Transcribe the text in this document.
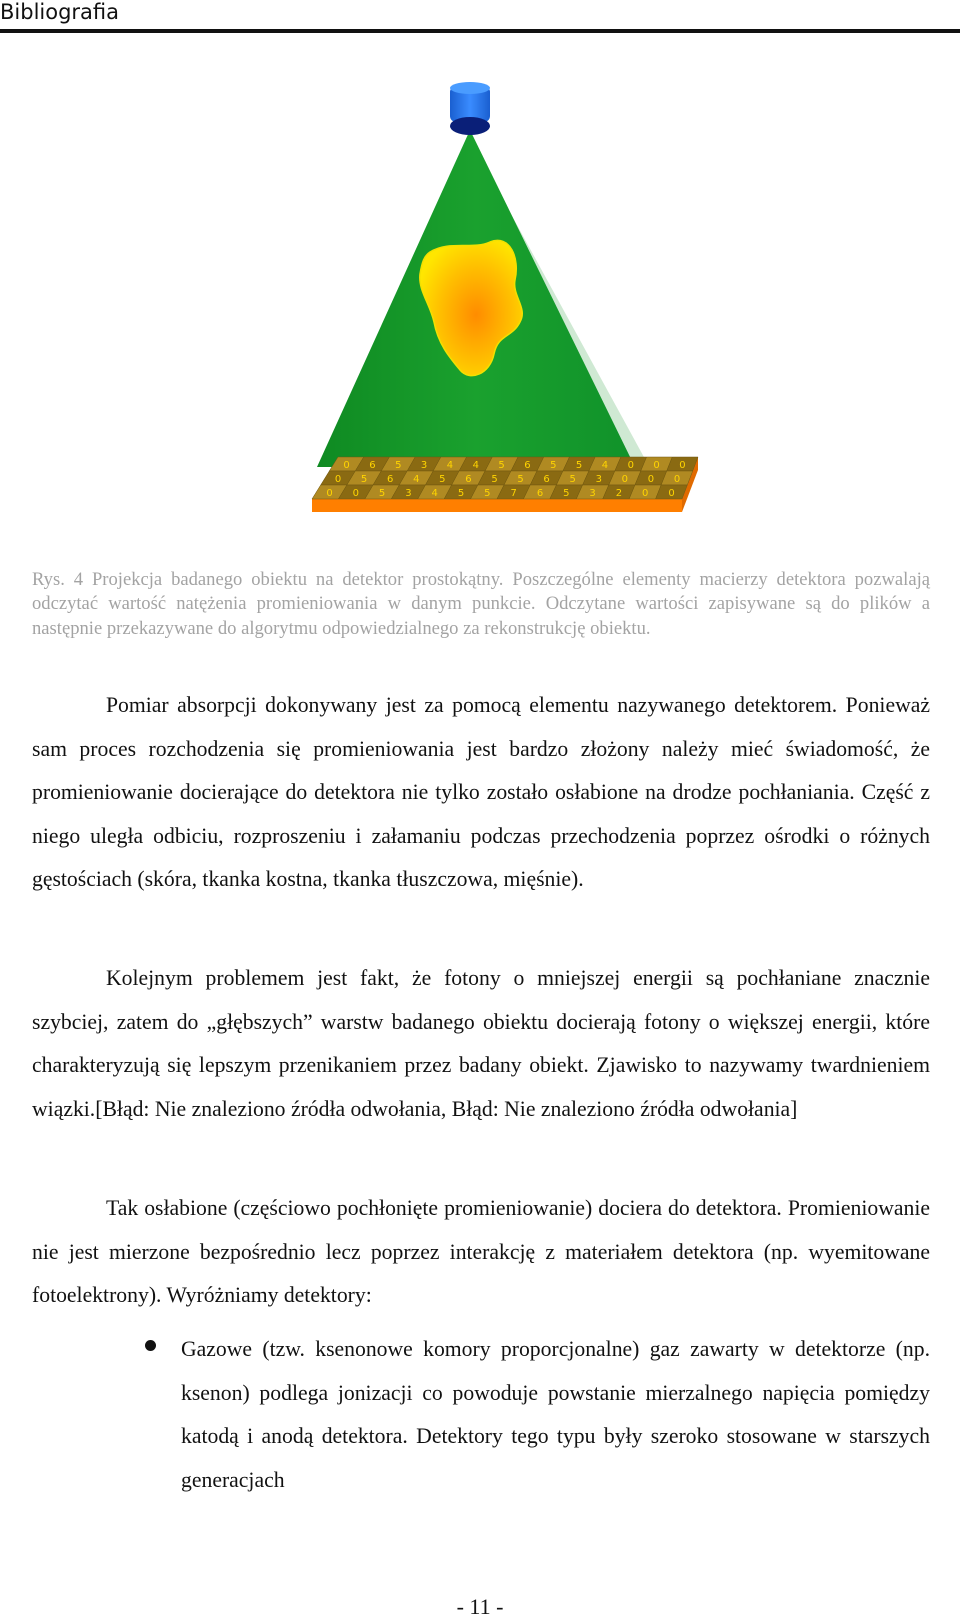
Bibliografia
0 6 5 3 4 4 5 6 5 5 4 0 0 0
0 5 6 4 5 6 5 5 6 5 3 0 0 0
0 0 5 3 4 5 5 7 6 5 3 2 0 0
Rys. 4 Projekcja badanego obiektu na detektor prostokątny. Poszczególne elementy macierzy detektora pozwalają odczytać wartość natężenia promieniowania w danym punkcie. Odczytane wartości zapisywane są do plików a następnie przekazywane do algorytmu odpowiedzialnego za rekonstrukcję obiektu.
Pomiar absorpcji dokonywany jest za pomocą elementu nazywanego detektorem. Ponieważ sam proces rozchodzenia się promieniowania jest bardzo złożony należy mieć świadomość, że promieniowanie docierające do detektora nie tylko zostało osłabione na drodze pochłaniania. Część z niego uległa odbiciu, rozproszeniu i załamaniu podczas przechodzenia poprzez ośrodki o różnych gęstościach (skóra, tkanka kostna, tkanka tłuszczowa, mięśnie).
Kolejnym problemem jest fakt, że fotony o mniejszej energii są pochłaniane znacznie szybciej, zatem do „głębszych” warstw badanego obiektu docierają fotony o większej energii, które charakteryzują się lepszym przenikaniem przez badany obiekt. Zjawisko to nazywamy twardnieniem wiązki.[Błąd: Nie znaleziono źródła odwołania, Błąd: Nie znaleziono źródła odwołania]
Tak osłabione (częściowo pochłonięte promieniowanie) dociera do detektora. Promieniowanie nie jest mierzone bezpośrednio lecz poprzez interakcję z materiałem detektora (np. wyemitowane fotoelektrony). Wyróżniamy detektory:
Gazowe (tzw. ksenonowe komory proporcjonalne) gaz zawarty w detektorze (np. ksenon) podlega jonizacji co powoduje powstanie mierzalnego napięcia pomiędzy katodą i anodą detektora. Detektory tego typu były szeroko stosowane w starszych generacjach
- 11 -
